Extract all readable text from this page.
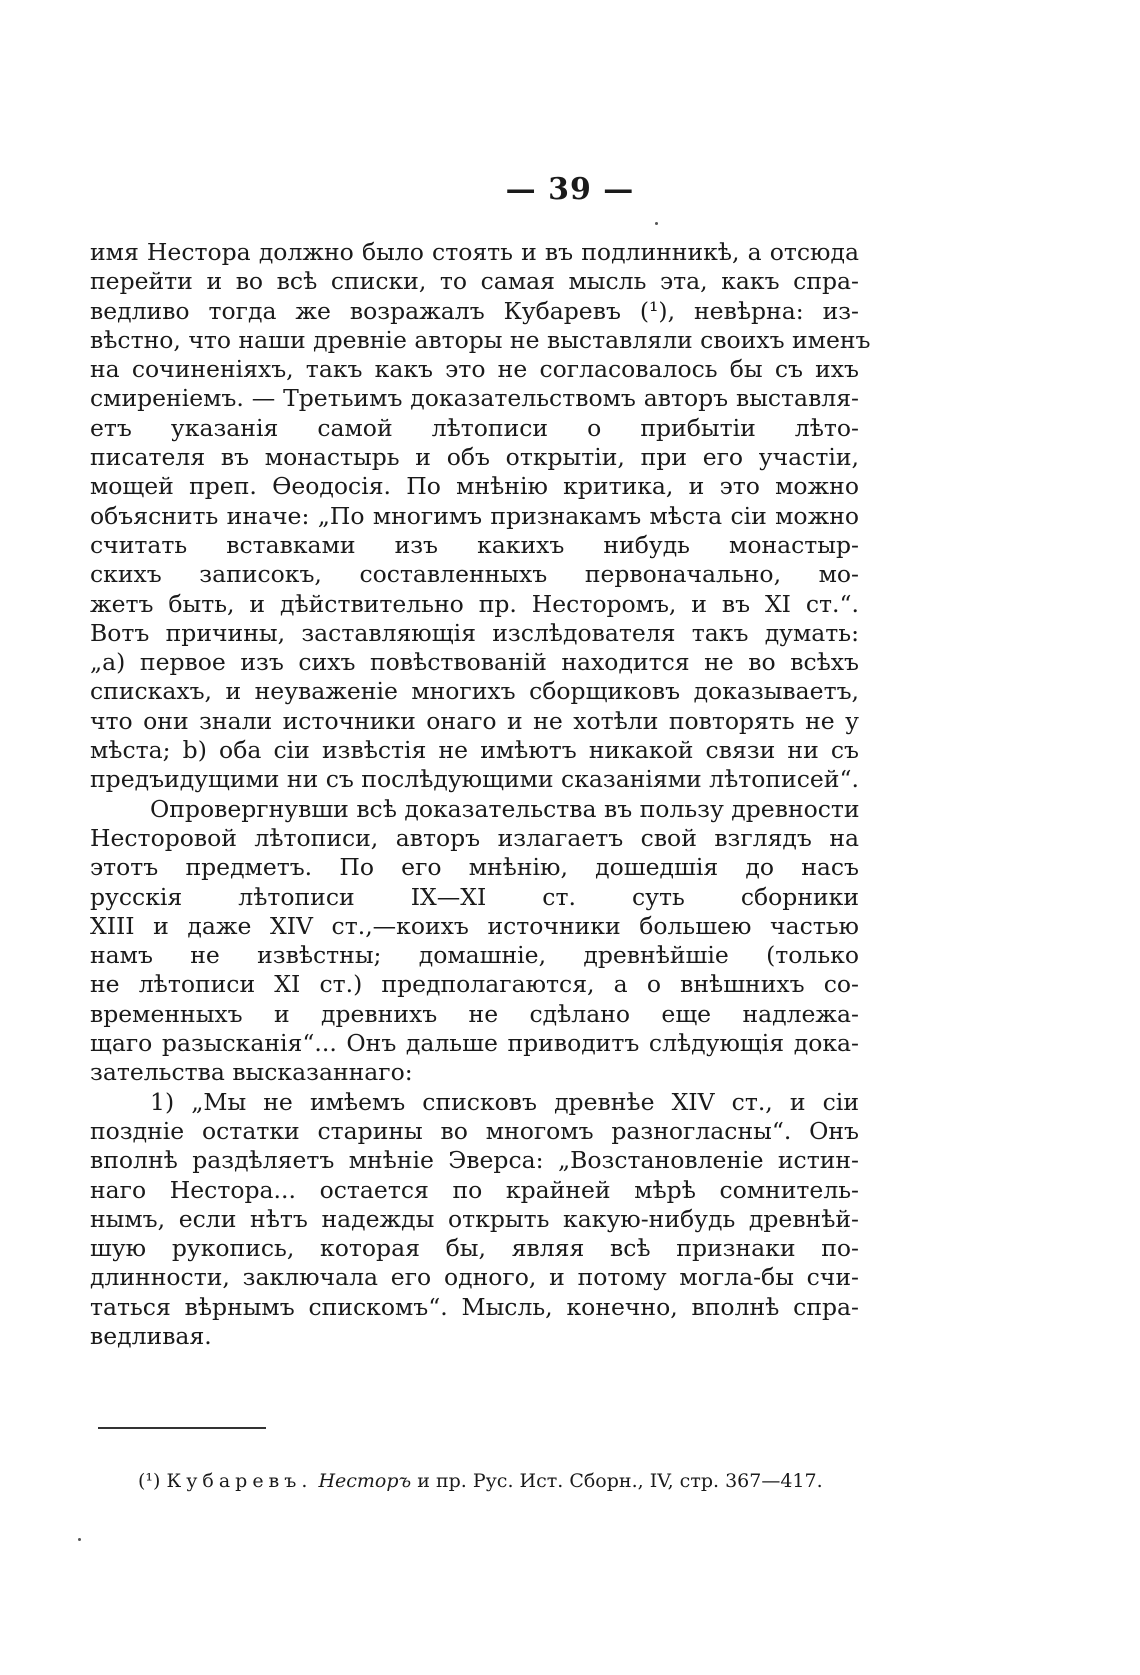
— 39 —
имя Нестора должно было стоять и въ подлинникѣ, а отсюда
перейти и во всѣ списки, то самая мысль эта, какъ спра-
ведливо тогда же возражалъ Кубаревъ (¹), невѣрна: из-
вѣстно, что наши древніе авторы не выставляли своихъ именъ
на сочиненіяхъ, такъ какъ это не согласовалось бы съ ихъ
смиреніемъ. — Третьимъ доказательствомъ авторъ выставля-
етъ указанія самой лѣтописи о прибытіи лѣто-
писателя въ монастырь и объ открытіи, при его участіи,
мощей преп. Ѳеодосія. По мнѣнію критика, и это можно
объяснить иначе: „По многимъ признакамъ мѣста сіи можно
считать вставками изъ какихъ нибудь монастыр-
скихъ записокъ, составленныхъ первоначально, мо-
жетъ быть, и дѣйствительно пр. Несторомъ, и въ XI ст.“.
Вотъ причины, заставляющія изслѣдователя такъ думать:
„a) первое изъ сихъ повѣствованій находится не во всѣхъ
спискахъ, и неуваженіе многихъ сборщиковъ доказываетъ,
что они знали источники онаго и не хотѣли повторять не у
мѣста; b) оба сіи извѣстія не имѣютъ никакой связи ни съ
предъидущими ни съ послѣдующими сказаніями лѣтописей“.
Опровергнувши всѣ доказательства въ пользу древности
Несторовой лѣтописи, авторъ излагаетъ свой взглядъ на
этотъ предметъ. По его мнѣнію, дошедшія до насъ
русскія лѣтописи IX—XI ст. суть сборники
XIII и даже XIV ст.,—коихъ источники большею частью
намъ не извѣстны; домашніе, древнѣйшіе (только
не лѣтописи XI ст.) предполагаются, а о внѣшнихъ со-
временныхъ и древнихъ не сдѣлано еще надлежа-
щаго разысканія“... Онъ дальше приводитъ слѣдующія дока-
зательства высказаннаго:
1) „Мы не имѣемъ списковъ древнѣе XIV ст., и сіи
поздніе остатки старины во многомъ разногласны“. Онъ
вполнѣ раздѣляетъ мнѣніе Эверса: „Возстановленіе истин-
наго Нестора... остается по крайней мѣрѣ сомнитель-
нымъ, если нѣтъ надежды открыть какую-нибудь древнѣй-
шую рукопись, которая бы, являя всѣ признаки по-
длинности, заключала его одного, и потому могла-бы счи-
таться вѣрнымъ спискомъ“. Мысль, конечно, вполнѣ спра-
ведливая.
(¹) Кубаревъ. Несторъ и пр. Рус. Ист. Сборн., IV, стр. 367—417.
